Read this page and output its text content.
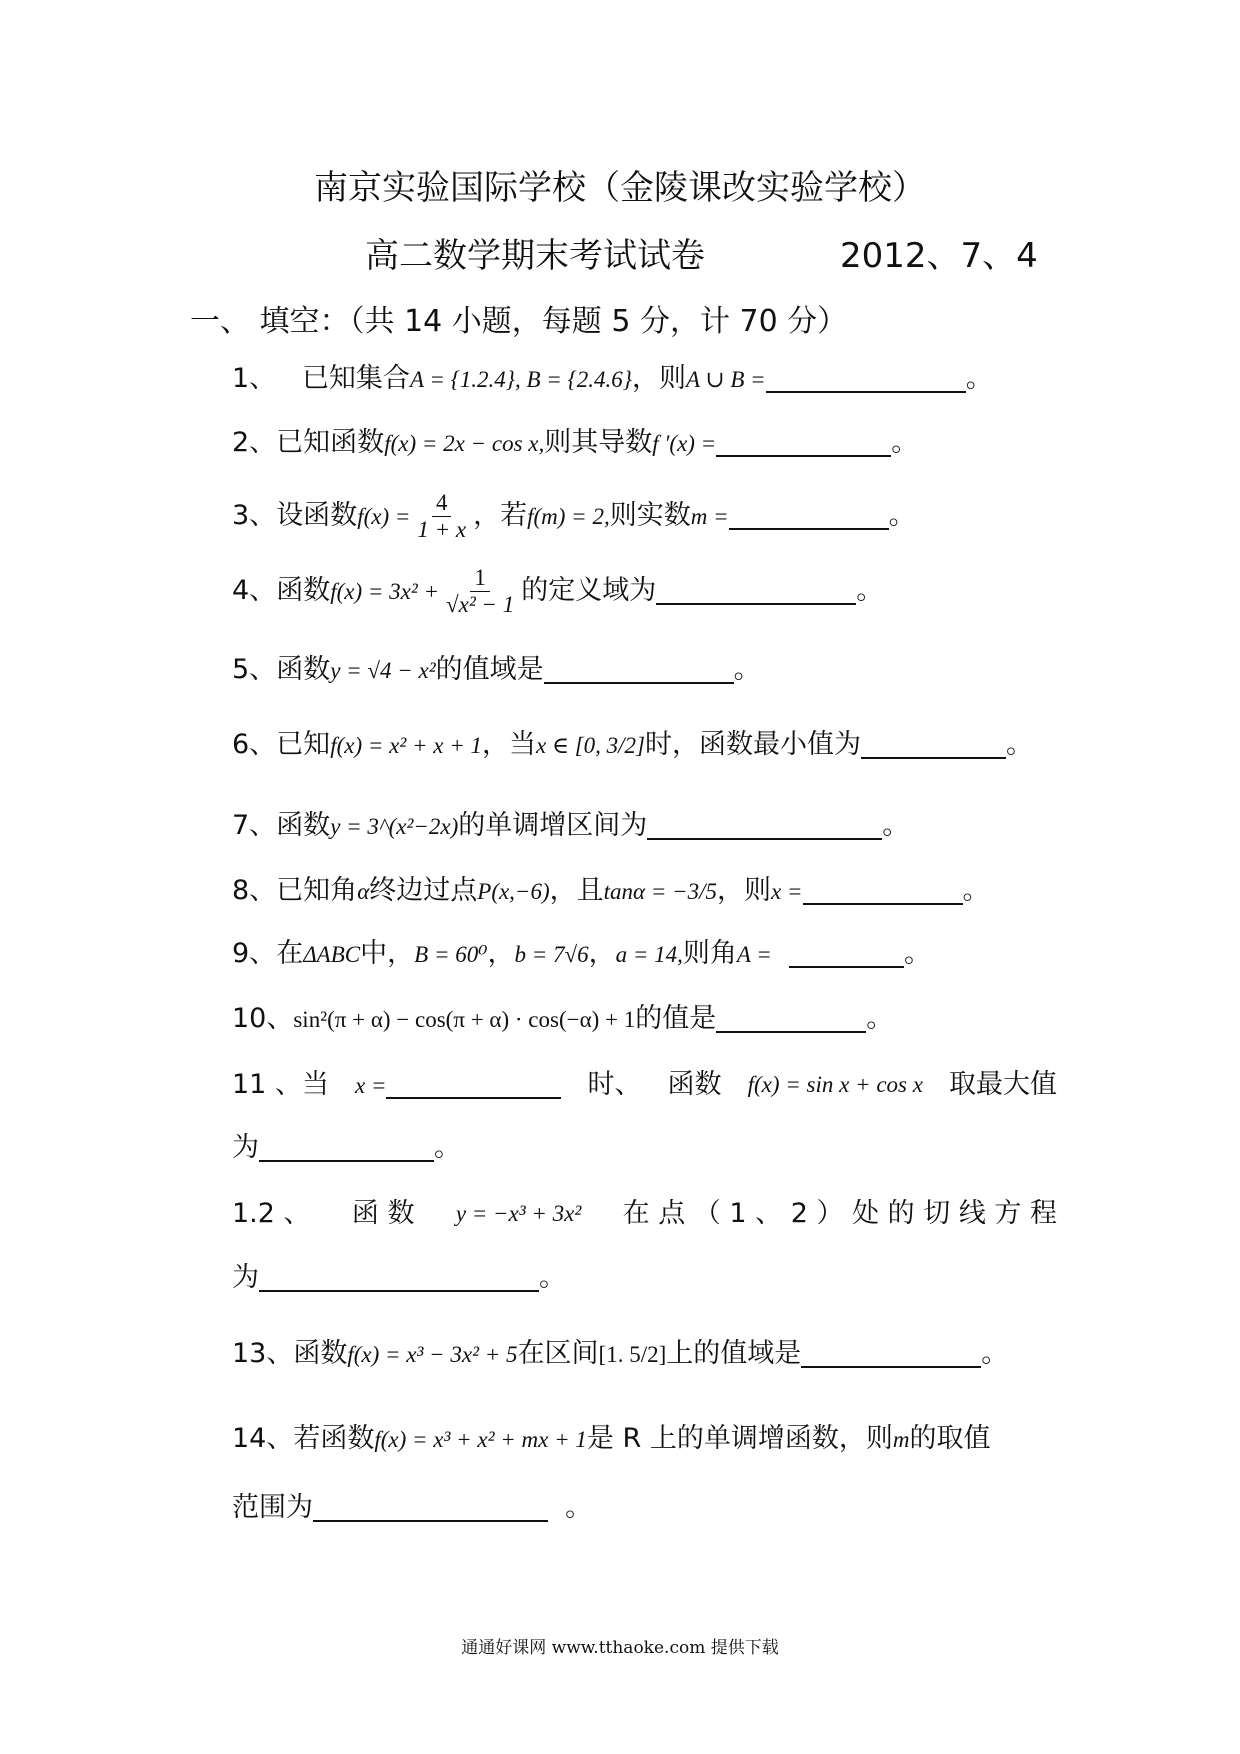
南京实验国际学校（金陵课改实验学校）
高二数学期末考试试卷	2012、7、4
一、 填空：（共 14 小题，每题 5 分，计 70 分）
1、 已知集合A = {1.2.4}, B = {2.4.6}，则A ∪ B =	。
2、已知函数f(x) = 2x − cos x,则其导数f ′(x) =	。
3、设函数$f(x) = \frac{4}{1 + x}$ ，若f(m) = 2,则实数m =	。
4、函数$f(x) = 3x^2 + \frac{1}{\text{√x² − 1}}$ 的定义域为	。
5、函数y = √4 − x²的值域是	。
6、已知f(x) = x² + x + 1，当x ∈ [0, 3/2]时，函数最小值为	。
7、函数y = 3^(x²−2x)的单调增区间为	。
8、已知角α终边过点P(x,−6)，且tanα = −3/5，则x =	。
9、在ΔABC中，B = 60⁰，b = 7√6，a = 14,则角A =	。
10、sin²(π + α) − cos(π + α) · cos(−α) + 1的值是	。
11 、当 x =	时、 函数 f(x) = sin x + cos x 取最大值
为	。
1.2 、 函 数 y = −x³ + 3x² 在 点 （ 1 、 2 ） 处 的 切 线 方 程
为	。
13、函数f(x) = x³ − 3x² + 5在区间[1. 5/2]上的值域是	。
14、若函数f(x) = x³ + x² + mx + 1是 R 上的单调增函数，则m的取值
范围为	。
通通好课网 www.tthaoke.com 提供下载
